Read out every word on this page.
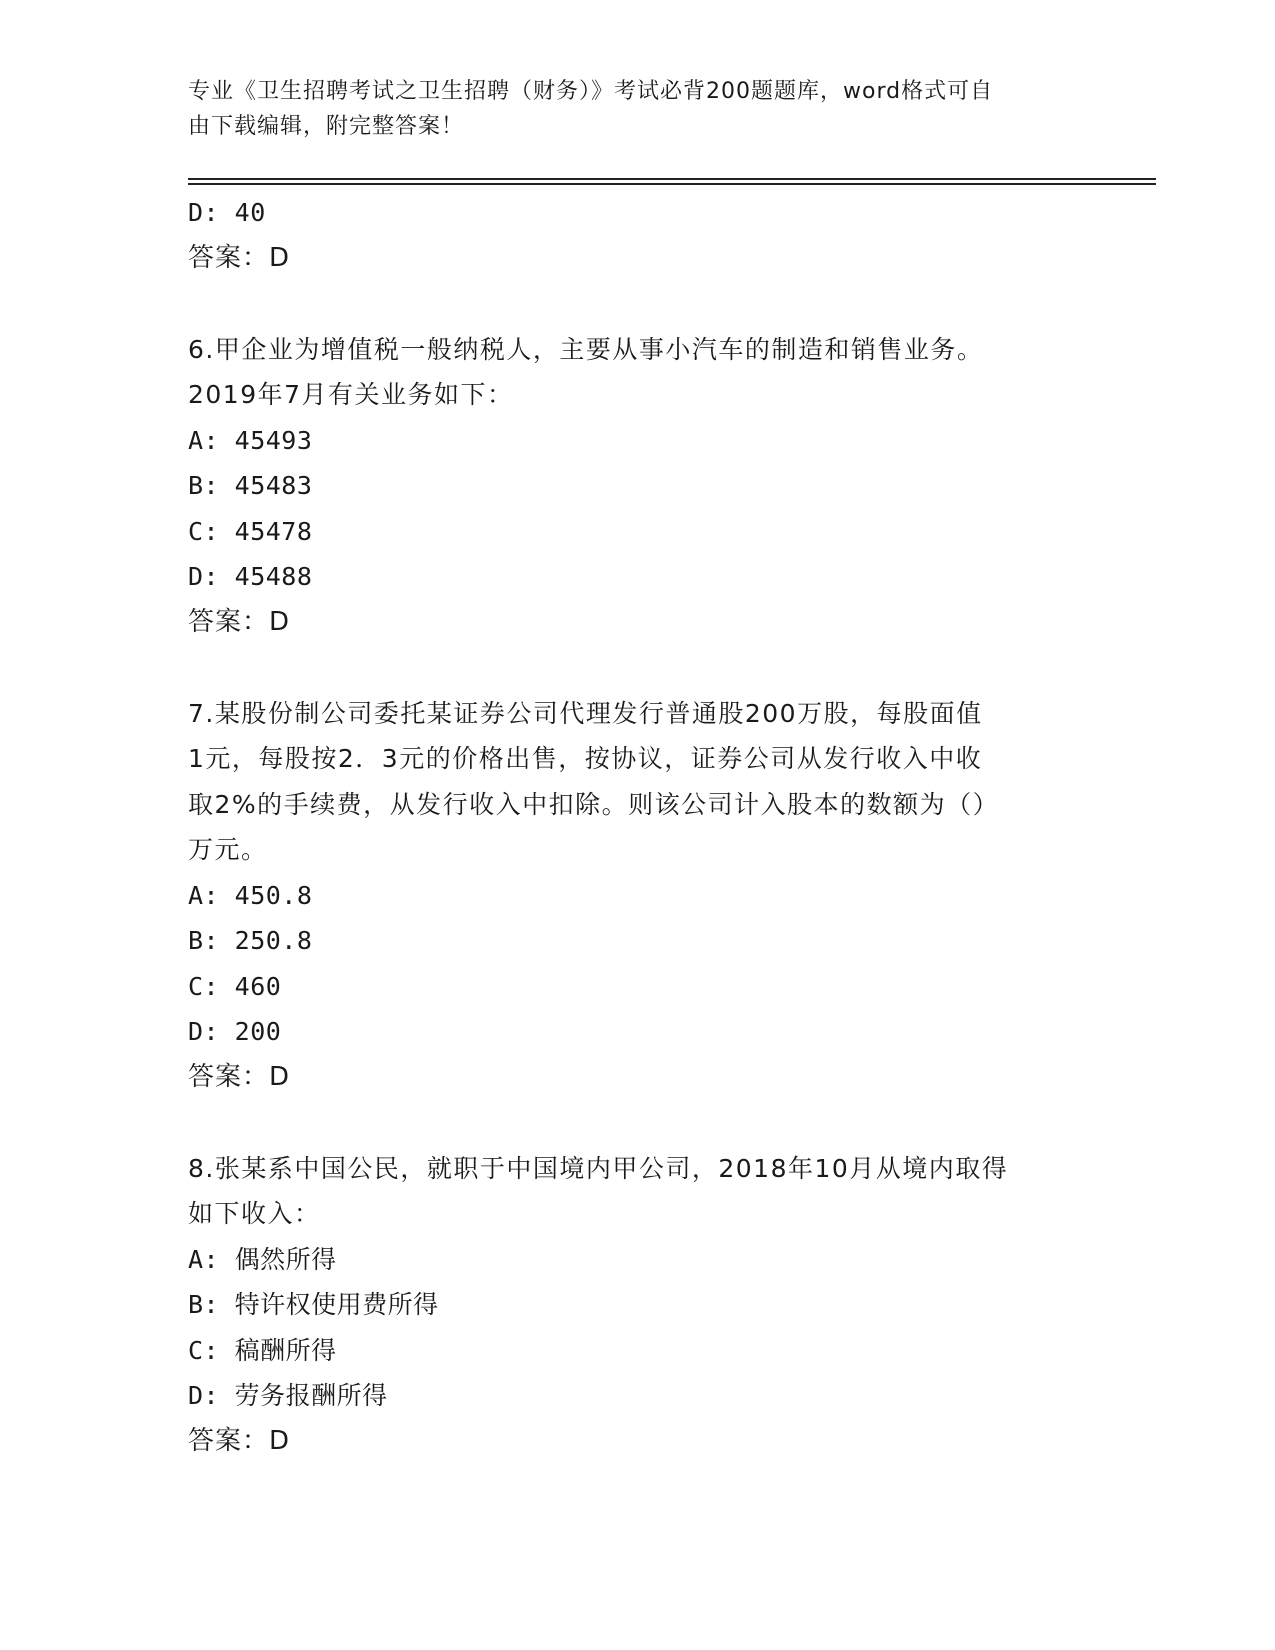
专业《卫生招聘考试之卫生招聘（财务）》考试必背200题题库，word格式可自
由下载编辑，附完整答案！
D: 40
答案：D
6.甲企业为增值税一般纳税人，主要从事小汽车的制造和销售业务。
2019年7月有关业务如下：
A: 45493
B: 45483
C: 45478
D: 45488
答案：D
7.某股份制公司委托某证券公司代理发行普通股200万股，每股面值
1元，每股按2．3元的价格出售，按协议，证券公司从发行收入中收
取2%的手续费，从发行收入中扣除。则该公司计入股本的数额为（）
万元。
A: 450.8
B: 250.8
C: 460
D: 200
答案：D
8.张某系中国公民，就职于中国境内甲公司，2018年10月从境内取得
如下收入：
A: 偶然所得
B: 特许权使用费所得
C: 稿酬所得
D: 劳务报酬所得
答案：D
